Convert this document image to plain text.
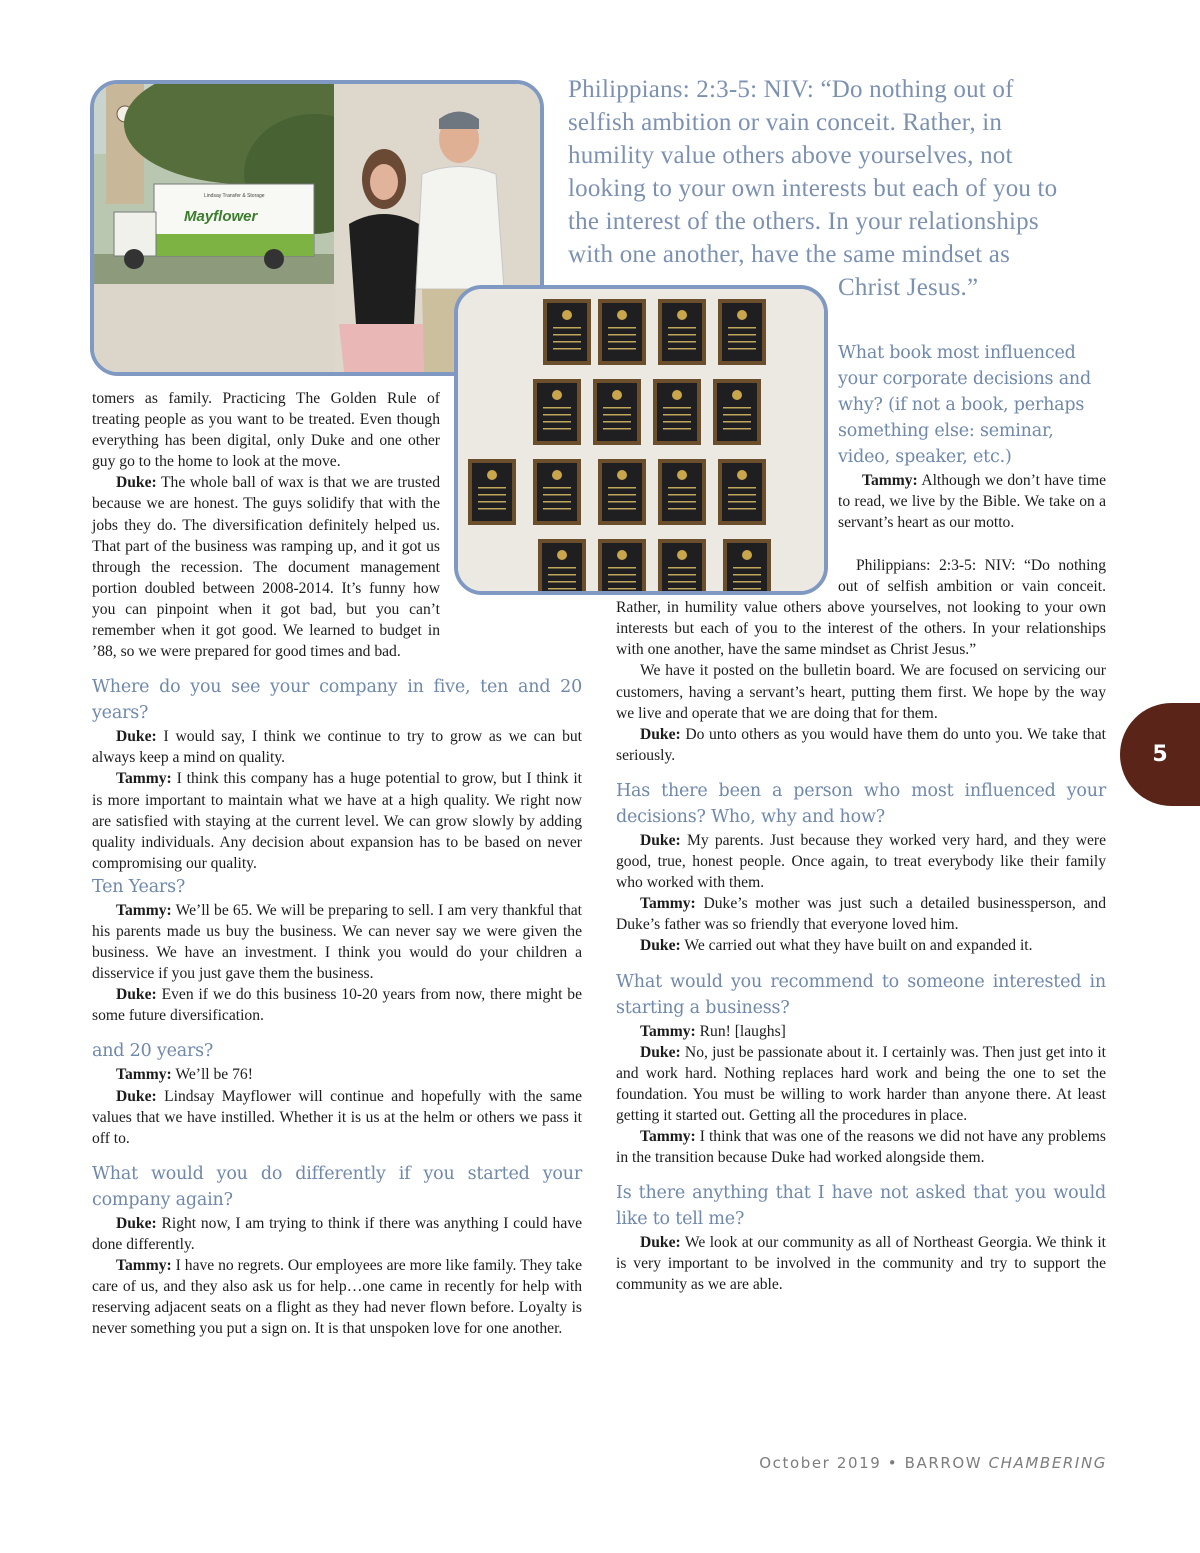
Mayflower
Lindsay Transfer & Storage
Philippians: 2:3-5: NIV: “Do nothing out of
selfish ambition or vain conceit. Rather, in
humility value others above yourselves, not
looking to your own interests but each of you to
the interest of the others. In your relationships
with one another, have the same mindset as
Christ Jesus.”

tomers as family. Practicing The Golden Rule of treating people as you want to be treated. Even though everything has been digital, only Duke and one other guy go to the home to look at the move.

Duke: The whole ball of wax is that we are trusted because we are honest. The guys solidify that with the jobs they do. The diversification definitely helped us. That part of the business was ramping up, and it got us through the recession. The document management portion doubled between 2008-2014. It’s funny how you can pinpoint when it got bad, but you can’t remember when it got good. We learned to budget in ’88, so we were prepared for good times and bad.

Where do you see your company in five, ten and 20 years?

Duke: I would say, I think we continue to try to grow as we can but always keep a mind on quality.

Tammy: I think this company has a huge potential to grow, but I think it is more important to maintain what we have at a high quality. We right now are satisfied with staying at the current level. We can grow slowly by adding quality individuals. Any decision about expansion has to be based on never compromising our quality.

Ten Years?

Tammy: We’ll be 65. We will be preparing to sell. I am very thankful that his parents made us buy the business. We can never say we were given the business. We have an investment. I think you would do your children a disservice if you just gave them the business.

Duke: Even if we do this business 10-20 years from now, there might be some future diversification.

and 20 years?

Tammy: We’ll be 76!

Duke: Lindsay Mayflower will continue and hopefully with the same values that we have instilled. Whether it is us at the helm or others we pass it off to.

What would you do differently if you started your company again?

Duke: Right now, I am trying to think if there was anything I could have done differently.

Tammy: I have no regrets. Our employees are more like family. They take care of us, and they also ask us for help…one came in recently for help with reserving adjacent seats on a flight as they had never flown before. Loyalty is never something you put a sign on. It is that unspoken love for one another.

What book most influenced your corporate decisions and why? (if not a book, perhaps something else: seminar, video, speaker, etc.)

Tammy: Although we don’t have time to read, we live by the Bible. We take on a servant’s heart as our motto.

Philippians: 2:3-5: NIV: “Do nothing out of selfish ambition or vain conceit. Rather, in humility value others above yourselves, not looking to your own interests but each of you to the interest of the others. In your relationships with one another, have the same mindset as Christ Jesus.”

We have it posted on the bulletin board. We are focused on servicing our customers, having a servant’s heart, putting them first. We hope by the way we live and operate that we are doing that for them.

Duke: Do unto others as you would have them do unto you. We take that seriously.

Has there been a person who most influenced your decisions? Who, why and how?

Duke: My parents. Just because they worked very hard, and they were good, true, honest people. Once again, to treat everybody like their family who worked with them.

Tammy: Duke’s mother was just such a detailed businessperson, and Duke’s father was so friendly that everyone loved him.

Duke: We carried out what they have built on and expanded it.

What would you recommend to someone interested in starting a business?

Tammy: Run! [laughs]

Duke: No, just be passionate about it. I certainly was. Then just get into it and work hard. Nothing replaces hard work and being the one to set the foundation. You must be willing to work harder than anyone there. At least getting it started out. Getting all the procedures in place.

Tammy: I think that was one of the reasons we did not have any problems in the transition because Duke had worked alongside them.

Is there anything that I have not asked that you would like to tell me?

Duke: We look at our community as all of Northeast Georgia. We think it is very important to be involved in the community and try to support the community as we are able.

5
October 2019 • BARROW CHAMBERING
